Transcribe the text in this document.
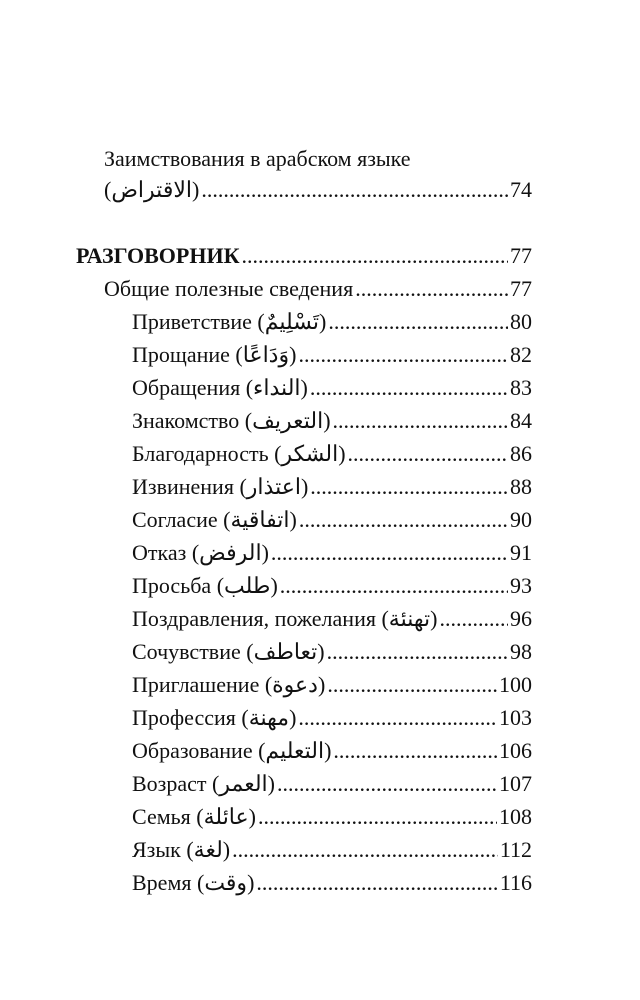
Заимствования в арабском языке
(الاقتراض) .....	74
РАЗГОВОРНИК .....	77
Общие полезные сведения .....	77
Приветствие (تَسْلِيمٌ) .....	80
Прощание (وَدَاعًا) .....	82
Обращения (النداء) .....	83
Знакомство (التعريف) .....	84
Благодарность (الشكر) .....	86
Извинения (اعتذار) .....	88
Согласие (اتفاقية) .....	90
Отказ (الرفض) .....	91
Просьба (طلب) .....	93
Поздравления, пожелания (تهنئة) .....	96
Сочувствие (تعاطف) .....	98
Приглашение (دعوة) .....	100
Профессия (مهنة) .....	103
Образование (التعليم) .....	106
Возраст (العمر) .....	107
Семья (عائلة) .....	108
Язык (لغة) .....	112
Время (وقت) .....	116
